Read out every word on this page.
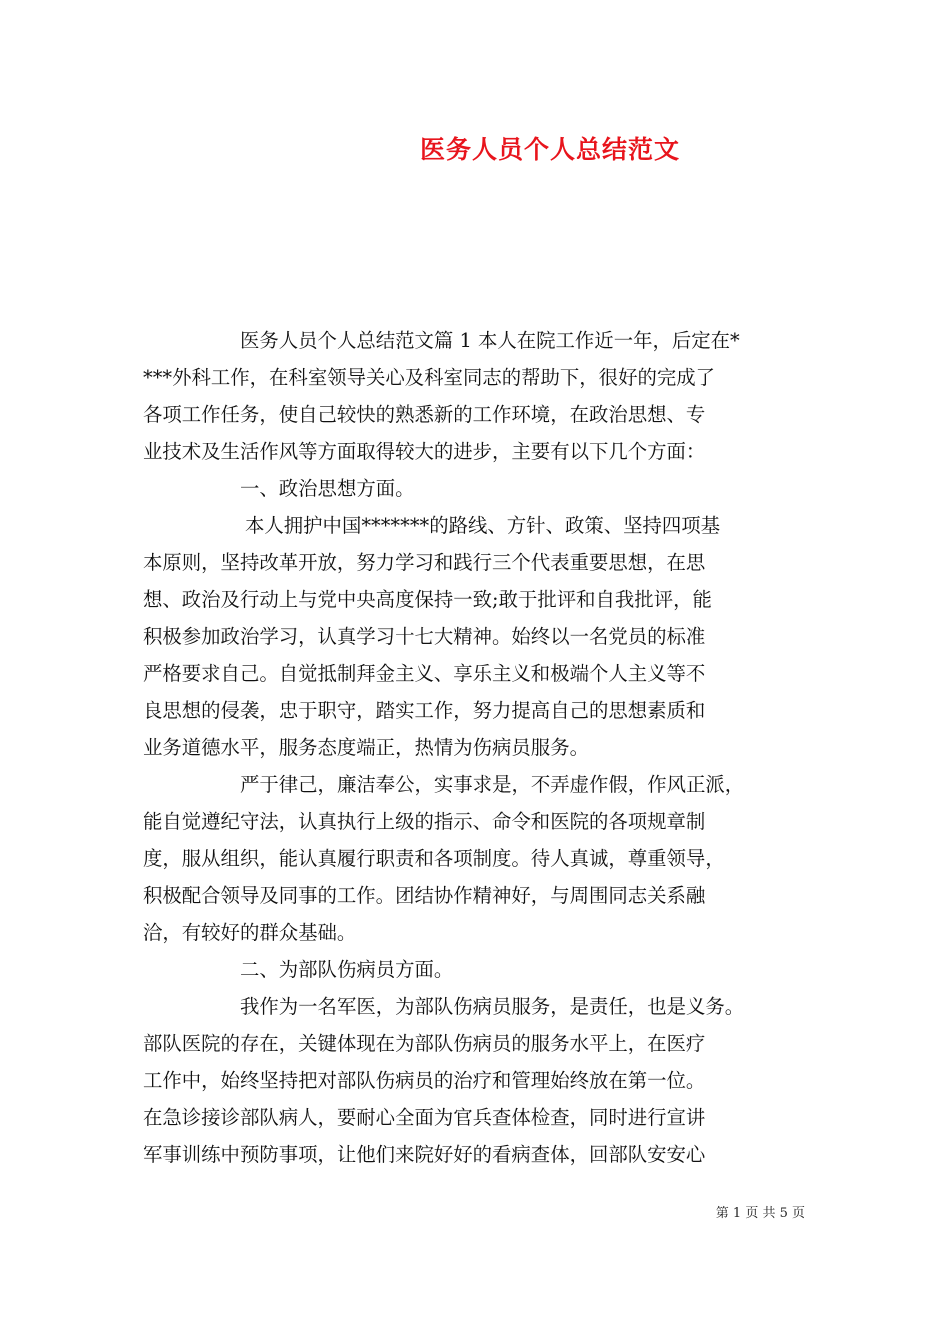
医务人员个人总结范文

医务人员个人总结范文篇 1 本人在院工作近一年，后定在*

***外科工作，在科室领导关心及科室同志的帮助下，很好的完成了

各项工作任务，使自己较快的熟悉新的工作环境，在政治思想、专

业技术及生活作风等方面取得较大的进步，主要有以下几个方面：

一、政治思想方面。

本人拥护中国*******的路线、方针、政策、坚持四项基

本原则，坚持改革开放，努力学习和践行三个代表重要思想，在思

想、政治及行动上与党中央高度保持一致;敢于批评和自我批评，能

积极参加政治学习，认真学习十七大精神。始终以一名党员的标准

严格要求自己。自觉抵制拜金主义、享乐主义和极端个人主义等不

良思想的侵袭，忠于职守，踏实工作，努力提高自己的思想素质和

业务道德水平，服务态度端正，热情为伤病员服务。

严于律己，廉洁奉公，实事求是，不弄虚作假，作风正派，

能自觉遵纪守法，认真执行上级的指示、命令和医院的各项规章制

度，服从组织，能认真履行职责和各项制度。待人真诚，尊重领导，

积极配合领导及同事的工作。团结协作精神好，与周围同志关系融

洽，有较好的群众基础。

二、为部队伤病员方面。

我作为一名军医，为部队伤病员服务，是责任，也是义务。

部队医院的存在，关键体现在为部队伤病员的服务水平上，在医疗

工作中，始终坚持把对部队伤病员的治疗和管理始终放在第一位。

在急诊接诊部队病人，要耐心全面为官兵查体检查，同时进行宣讲

军事训练中预防事项，让他们来院好好的看病查体，回部队安安心

第 1 页 共 5 页
